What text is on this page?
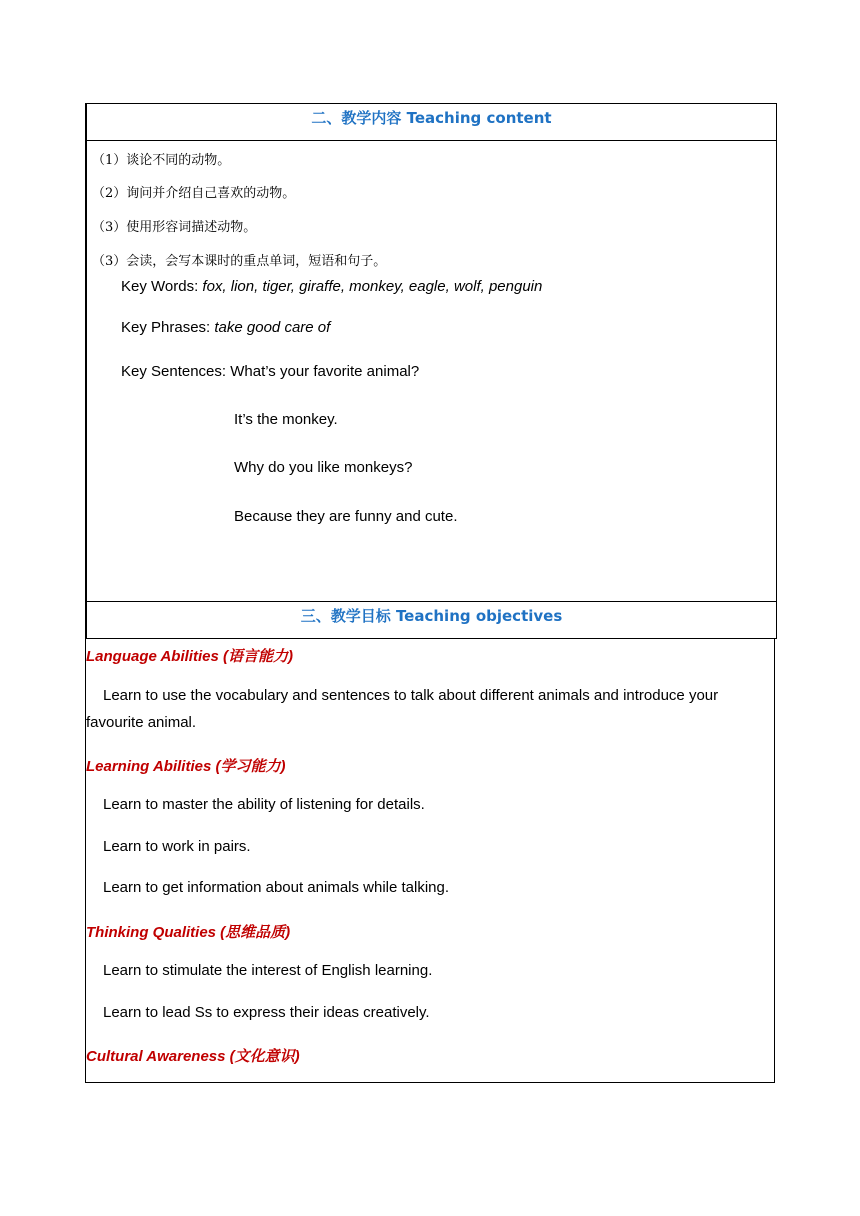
二、教学内容 Teaching content
（1）谈论不同的动物。
（2）询问并介绍自己喜欢的动物。
（3）使用形容词描述动物。
（3）会读，会写本课时的重点单词，短语和句子。
Key Words: fox, lion, tiger, giraffe, monkey, eagle, wolf, penguin
Key Phrases: take good care of
Key Sentences: What’s your favorite animal?
It’s the monkey.
Why do you like monkeys?
Because they are funny and cute.
三、教学目标 Teaching objectives
Language Abilities (语言能力)
Learn to use the vocabulary and sentences to talk about different animals and introduce your favourite animal.
Learning Abilities (学习能力)
Learn to master the ability of listening for details.
Learn to work in pairs.
Learn to get information about animals while talking.
Thinking Qualities (思维品质)
Learn to stimulate the interest of English learning.
Learn to lead Ss to express their ideas creatively.
Cultural Awareness (文化意识)
